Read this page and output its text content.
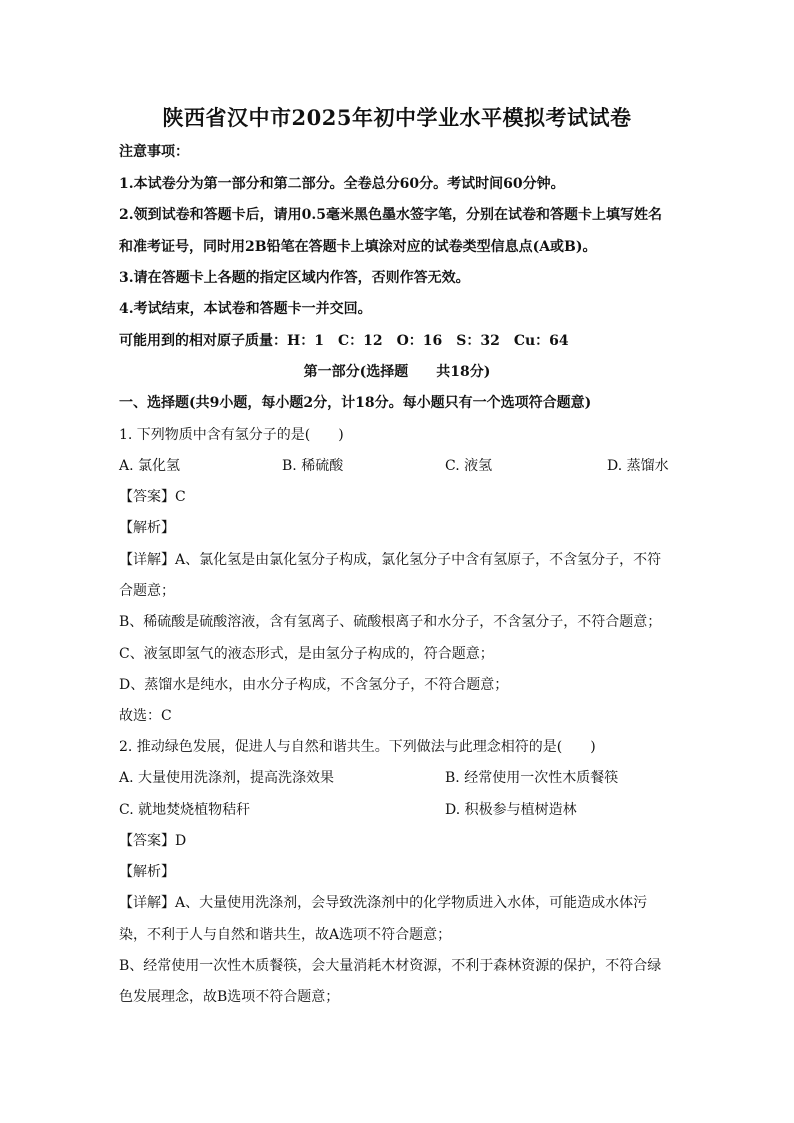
陕西省汉中市2025年初中学业水平模拟考试试卷
注意事项：
1.本试卷分为第一部分和第二部分。全卷总分60分。考试时间60分钟。
2.领到试卷和答题卡后，请用0.5毫米黑色墨水签字笔，分别在试卷和答题卡上填写姓名
和准考证号，同时用2B铅笔在答题卡上填涂对应的试卷类型信息点(A或B)。
3.请在答题卡上各题的指定区域内作答，否则作答无效。
4.考试结束，本试卷和答题卡一并交回。
可能用到的相对原子质量：H：1　C：12　O：16　S：32　Cu：64
第一部分(选择题　　共18分)
一、选择题(共9小题，每小题2分，计18分。每小题只有一个选项符合题意)
1. 下列物质中含有氢分子的是(　　)
A. 氯化氢	B. 稀硫酸	C. 液氢	D. 蒸馏水
【答案】C
【解析】
【详解】A、氯化氢是由氯化氢分子构成，氯化氢分子中含有氢原子，不含氢分子，不符
合题意；
B、稀硫酸是硫酸溶液，含有氢离子、硫酸根离子和水分子，不含氢分子，不符合题意；
C、液氢即氢气的液态形式，是由氢分子构成的，符合题意；
D、蒸馏水是纯水，由水分子构成，不含氢分子，不符合题意；
故选：C
2. 推动绿色发展，促进人与自然和谐共生。下列做法与此理念相符的是(　　)
A. 大量使用洗涤剂，提高洗涤效果	B. 经常使用一次性木质餐筷
C. 就地焚烧植物秸秆	D. 积极参与植树造林
【答案】D
【解析】
【详解】A、大量使用洗涤剂，会导致洗涤剂中的化学物质进入水体，可能造成水体污
染，不利于人与自然和谐共生，故A选项不符合题意；
B、经常使用一次性木质餐筷，会大量消耗木材资源，不利于森林资源的保护，不符合绿
色发展理念，故B选项不符合题意；
